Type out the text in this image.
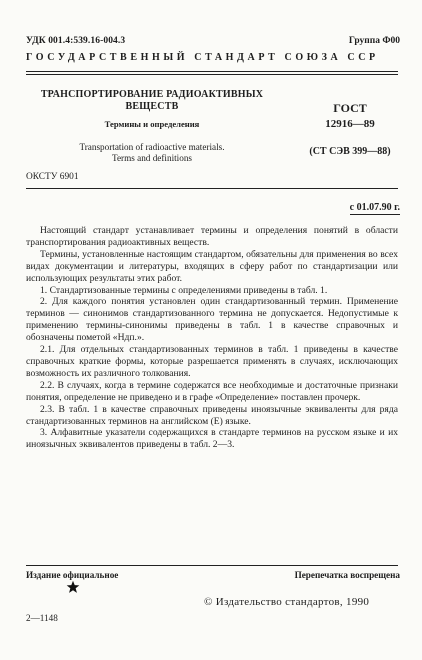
УДК 001.4:539.16-004.3	Группа Ф00
ГОСУДАРСТВЕННЫЙ СТАНДАРТ СОЮЗА ССР
ТРАНСПОРТИРОВАНИЕ РАДИОАКТИВНЫХ
ВЕЩЕСТВ
Термины и определения
Transportation of radioactive materials.
Terms and definitions
ГОСТ
12916—89
(СТ СЭВ 399—88)
ОКСТУ 6901
с 01.07.90 г.

Настоящий стандарт устанавливает термины и определения понятий в области транспортирования радиоактивных веществ.

Термины, установленные настоящим стандартом, обязательны для применения во всех видах документации и литературы, входящих в сферу работ по стандартизации или использующих результаты этих работ.

1. Стандартизованные термины с определениями приведены в табл. 1.

2. Для каждого понятия установлен один стандартизованный термин. Применение терминов — синонимов стандартизованного термина не допускается. Недопустимые к применению термины-синонимы приведены в табл. 1 в качестве справочных и обозначены пометой «Ндп.».

2.1. Для отдельных стандартизованных терминов в табл. 1 приведены в качестве справочных краткие формы, которые разрешается применять в случаях, исключающих возможность их различного толкования.

2.2. В случаях, когда в термине содержатся все необходимые и достаточные признаки понятия, определение не приведено и в графе «Определение» поставлен прочерк.

2.3. В табл. 1 в качестве справочных приведены иноязычные эквиваленты для ряда стандартизованных терминов на английском (E) языке.

3. Алфавитные указатели содержащихся в стандарте терминов на русском языке и их иноязычных эквивалентов приведены в табл. 2—3.

Издание официальное	Перепечатка воспрещена
© Издательство стандартов, 1990
2—1148
